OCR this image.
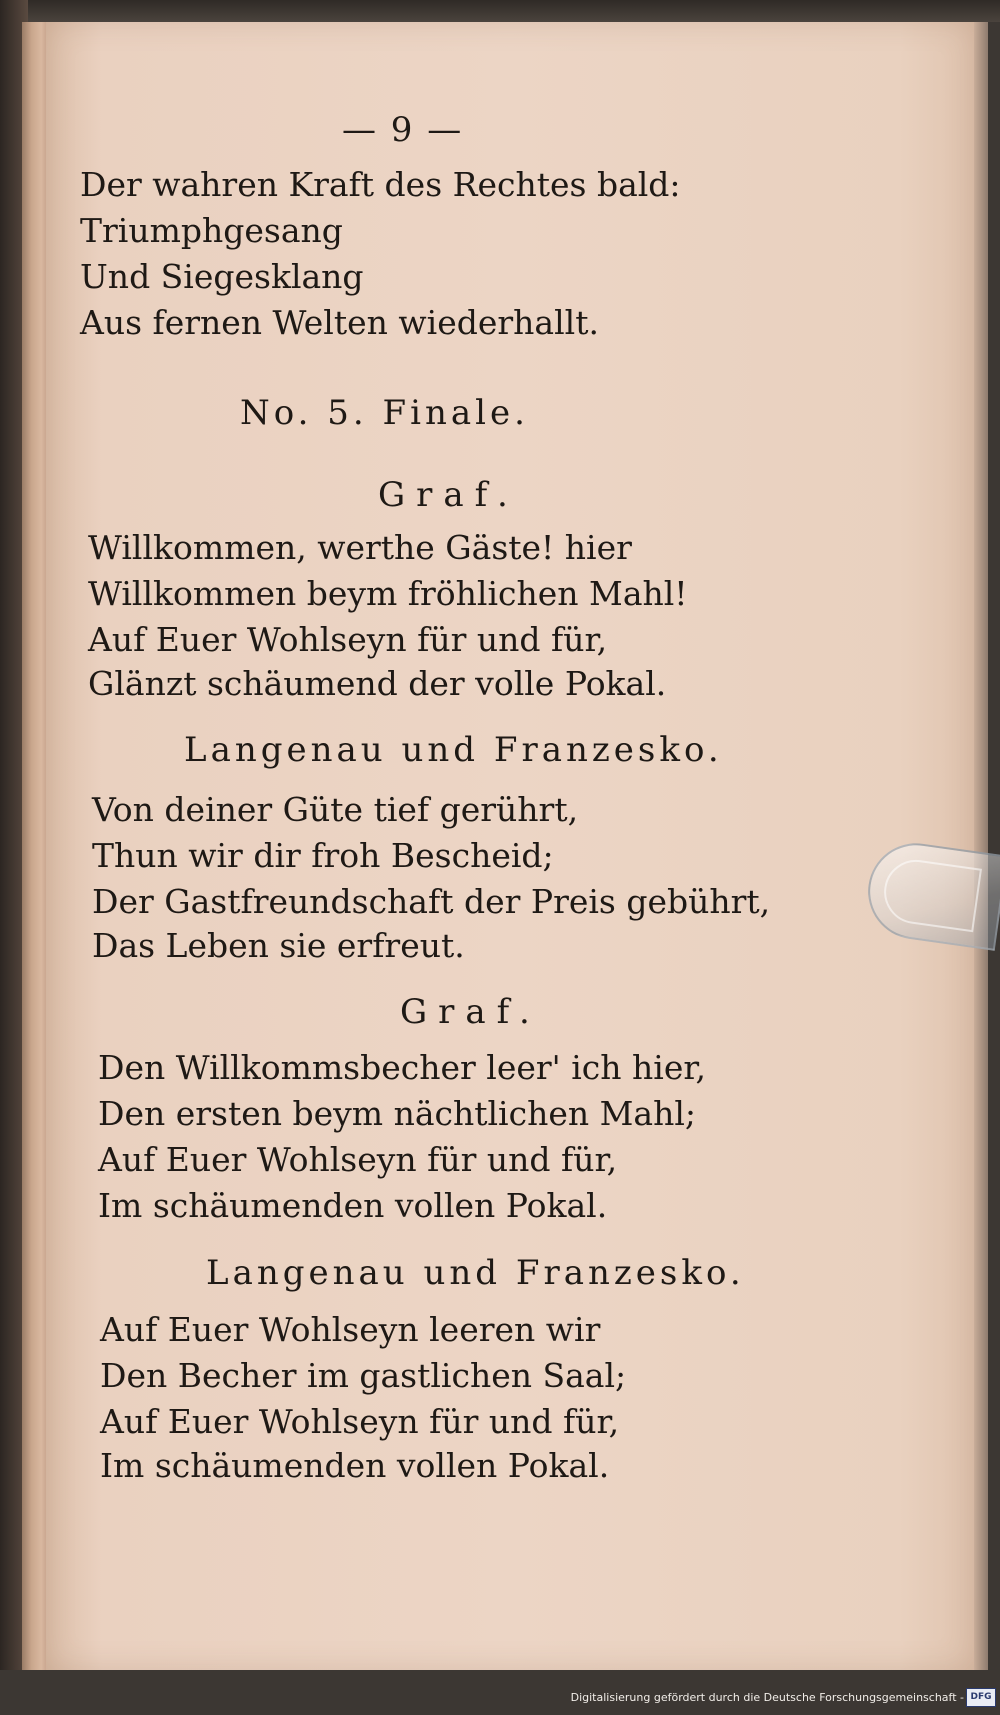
— 9 —
Der wahren Kraft des Rechtes bald:
Triumphgesang
Und Siegesklang
Aus fernen Welten wiederhallt.
No. 5. Finale.
Graf.
Willkommen, werthe Gäste! hier
Willkommen beym fröhlichen Mahl!
Auf Euer Wohlseyn für und für,
Glänzt schäumend der volle Pokal.
Langenau und Franzesko.
Von deiner Güte tief gerührt,
Thun wir dir froh Bescheid;
Der Gastfreundschaft der Preis gebührt,
Das Leben sie erfreut.
Graf.
Den Willkommsbecher leer' ich hier,
Den ersten beym nächtlichen Mahl;
Auf Euer Wohlseyn für und für,
Im schäumenden vollen Pokal.
Langenau und Franzesko.
Auf Euer Wohlseyn leeren wir
Den Becher im gastlichen Saal;
Auf Euer Wohlseyn für und für,
Im schäumenden vollen Pokal.
Digitalisierung gefördert durch die Deutsche Forschungsgemeinschaft - DFG
